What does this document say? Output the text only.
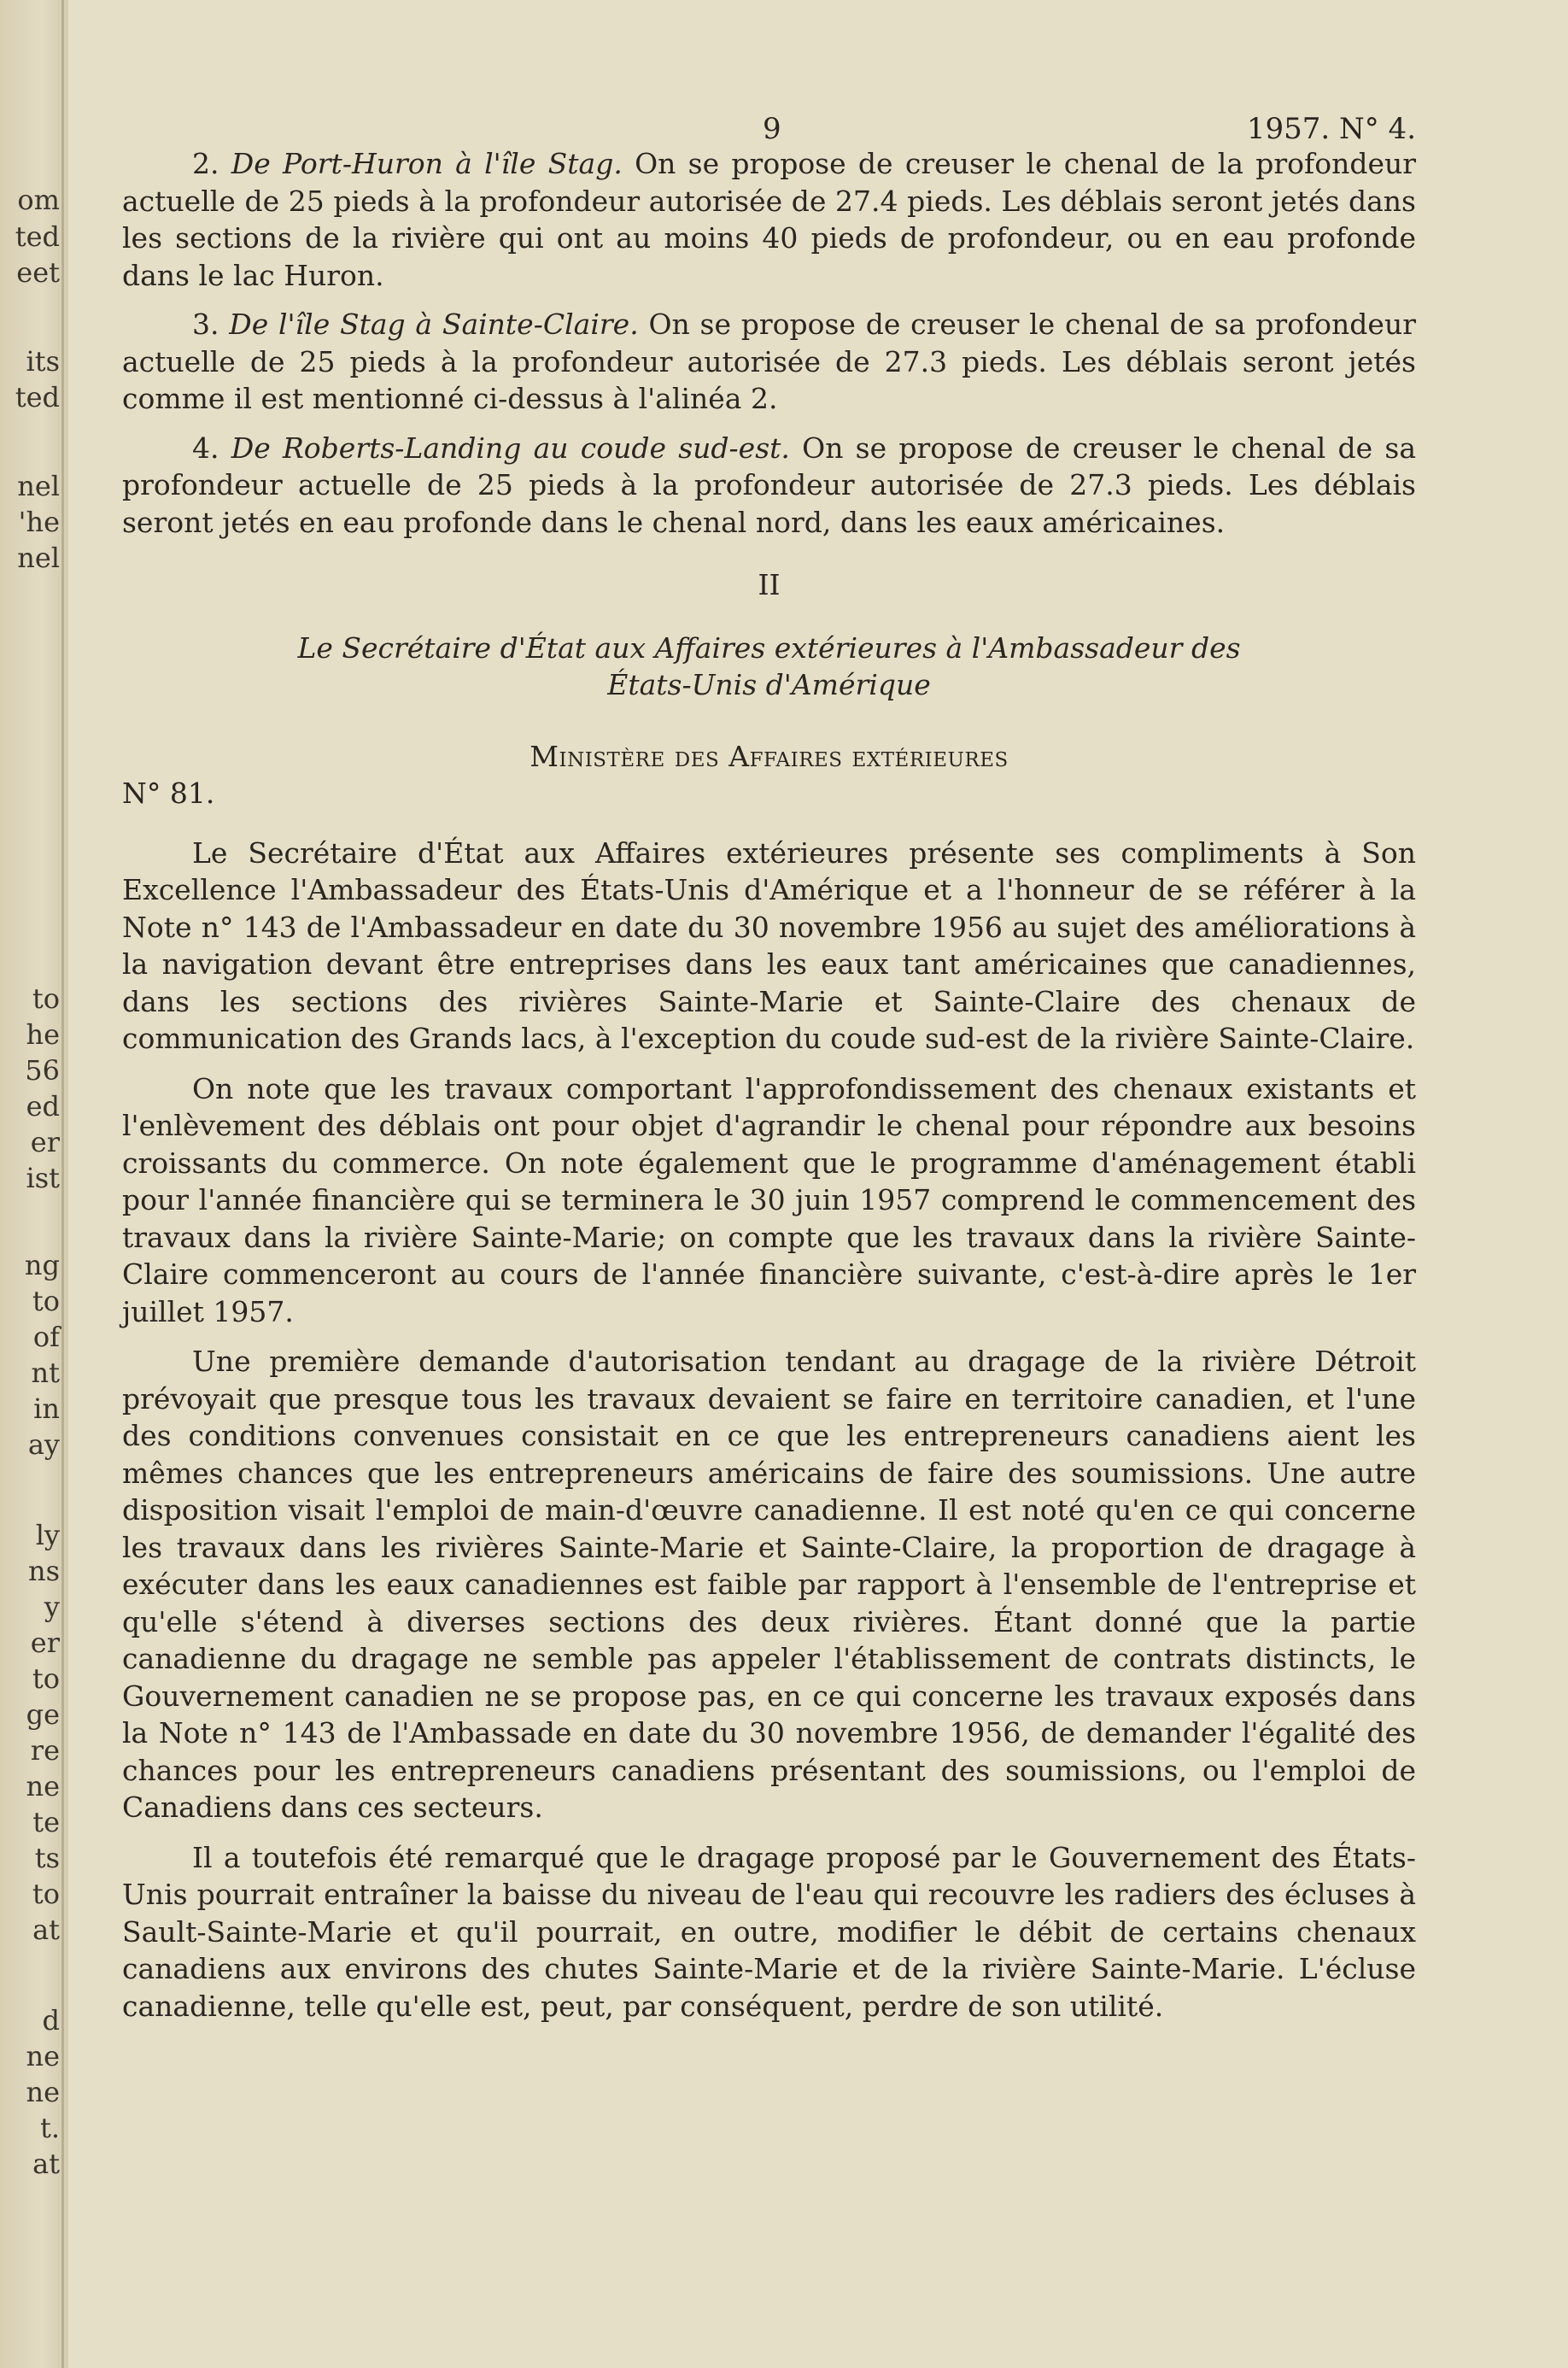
om
ted
eet
its
ted
nel
'he
nel
to
he
56
ed
er
ist
ng
to
of
nt
in
ay
ly
ns
y
er
to
ge
re
ne
te
ts
to
at
d
ne
ne
t.
at
9	1957. N° 4.

2. De Port-Huron à l'île Stag. On se propose de creuser le chenal de la profondeur actuelle de 25 pieds à la profondeur autorisée de 27.4 pieds. Les déblais seront jetés dans les sections de la rivière qui ont au moins 40 pieds de profondeur, ou en eau profonde dans le lac Huron.

3. De l'île Stag à Sainte-Claire. On se propose de creuser le chenal de sa profondeur actuelle de 25 pieds à la profondeur autorisée de 27.3 pieds. Les déblais seront jetés comme il est mentionné ci-dessus à l'alinéa 2.

4. De Roberts-Landing au coude sud-est. On se propose de creuser le chenal de sa profondeur actuelle de 25 pieds à la profondeur autorisée de 27.3 pieds. Les déblais seront jetés en eau profonde dans le chenal nord, dans les eaux américaines.

II

Le Secrétaire d'État aux Affaires extérieures à l'Ambassadeur des
États-Unis d'Amérique

Ministère des Affaires extérieures

N° 81.

Le Secrétaire d'État aux Affaires extérieures présente ses compliments à Son Excellence l'Ambassadeur des États-Unis d'Amérique et a l'honneur de se référer à la Note n° 143 de l'Ambassadeur en date du 30 novembre 1956 au sujet des améliorations à la navigation devant être entreprises dans les eaux tant américaines que canadiennes, dans les sections des rivières Sainte-Marie et Sainte-Claire des chenaux de communication des Grands lacs, à l'exception du coude sud-est de la rivière Sainte-Claire.

On note que les travaux comportant l'approfondissement des chenaux existants et l'enlèvement des déblais ont pour objet d'agrandir le chenal pour répondre aux besoins croissants du commerce. On note également que le programme d'aménagement établi pour l'année financière qui se terminera le 30 juin 1957 comprend le commencement des travaux dans la rivière Sainte-Marie; on compte que les travaux dans la rivière Sainte-Claire commenceront au cours de l'année financière suivante, c'est-à-dire après le 1er juillet 1957.

Une première demande d'autorisation tendant au dragage de la rivière Détroit prévoyait que presque tous les travaux devaient se faire en territoire canadien, et l'une des conditions convenues consistait en ce que les entrepreneurs canadiens aient les mêmes chances que les entrepreneurs américains de faire des soumissions. Une autre disposition visait l'emploi de main-d'œuvre canadienne. Il est noté qu'en ce qui concerne les travaux dans les rivières Sainte-Marie et Sainte-Claire, la proportion de dragage à exécuter dans les eaux canadiennes est faible par rapport à l'ensemble de l'entreprise et qu'elle s'étend à diverses sections des deux rivières. Étant donné que la partie canadienne du dragage ne semble pas appeler l'établissement de contrats distincts, le Gouvernement canadien ne se propose pas, en ce qui concerne les travaux exposés dans la Note n° 143 de l'Ambassade en date du 30 novembre 1956, de demander l'égalité des chances pour les entrepreneurs canadiens présentant des soumissions, ou l'emploi de Canadiens dans ces secteurs.

Il a toutefois été remarqué que le dragage proposé par le Gouvernement des États-Unis pourrait entraîner la baisse du niveau de l'eau qui recouvre les radiers des écluses à Sault-Sainte-Marie et qu'il pourrait, en outre, modifier le débit de certains chenaux canadiens aux environs des chutes Sainte-Marie et de la rivière Sainte-Marie. L'écluse canadienne, telle qu'elle est, peut, par conséquent, perdre de son utilité.
